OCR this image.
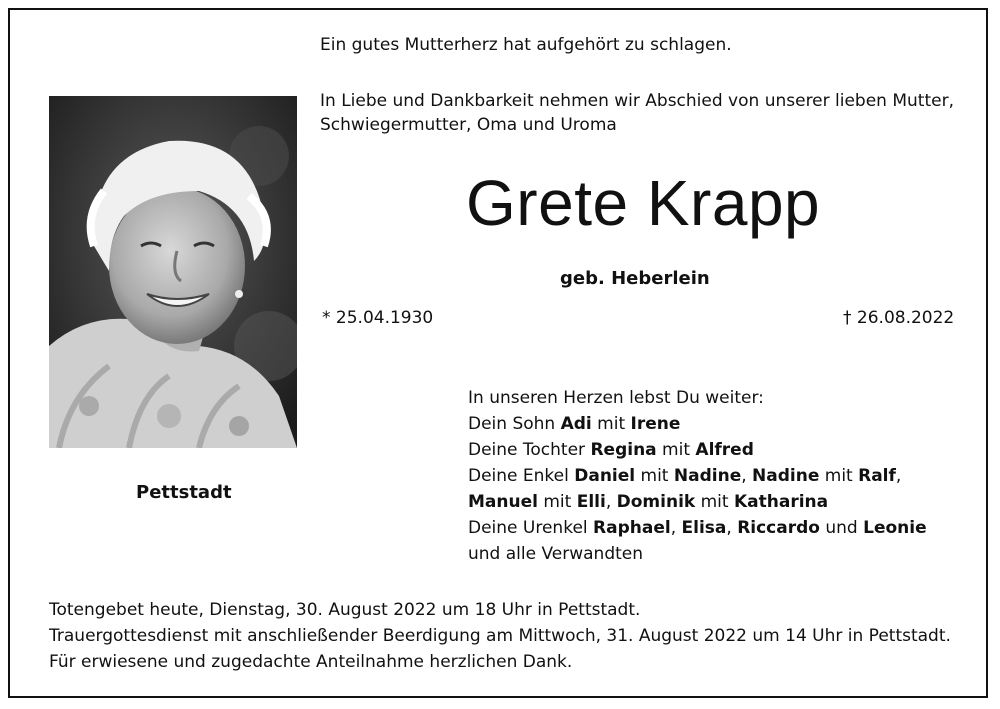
Ein gutes Mutterherz hat aufgehört zu schlagen.
In Liebe und Dankbarkeit nehmen wir Abschied von unserer lieben Mutter,
Schwiegermutter, Oma und Uroma
Grete Krapp
geb. Heberlein
* 25.04.1930	† 26.08.2022
Pettstadt
In unseren Herzen lebst Du weiter:
Dein Sohn Adi mit Irene
Deine Tochter Regina mit Alfred
Deine Enkel Daniel mit Nadine, Nadine mit Ralf,
Manuel mit Elli, Dominik mit Katharina
Deine Urenkel Raphael, Elisa, Riccardo und Leonie
und alle Verwandten
Totengebet heute, Dienstag, 30. August 2022 um 18 Uhr in Pettstadt.
Trauergottesdienst mit anschließender Beerdigung am Mittwoch, 31. August 2022 um 14 Uhr in Pettstadt.
Für erwiesene und zugedachte Anteilnahme herzlichen Dank.
